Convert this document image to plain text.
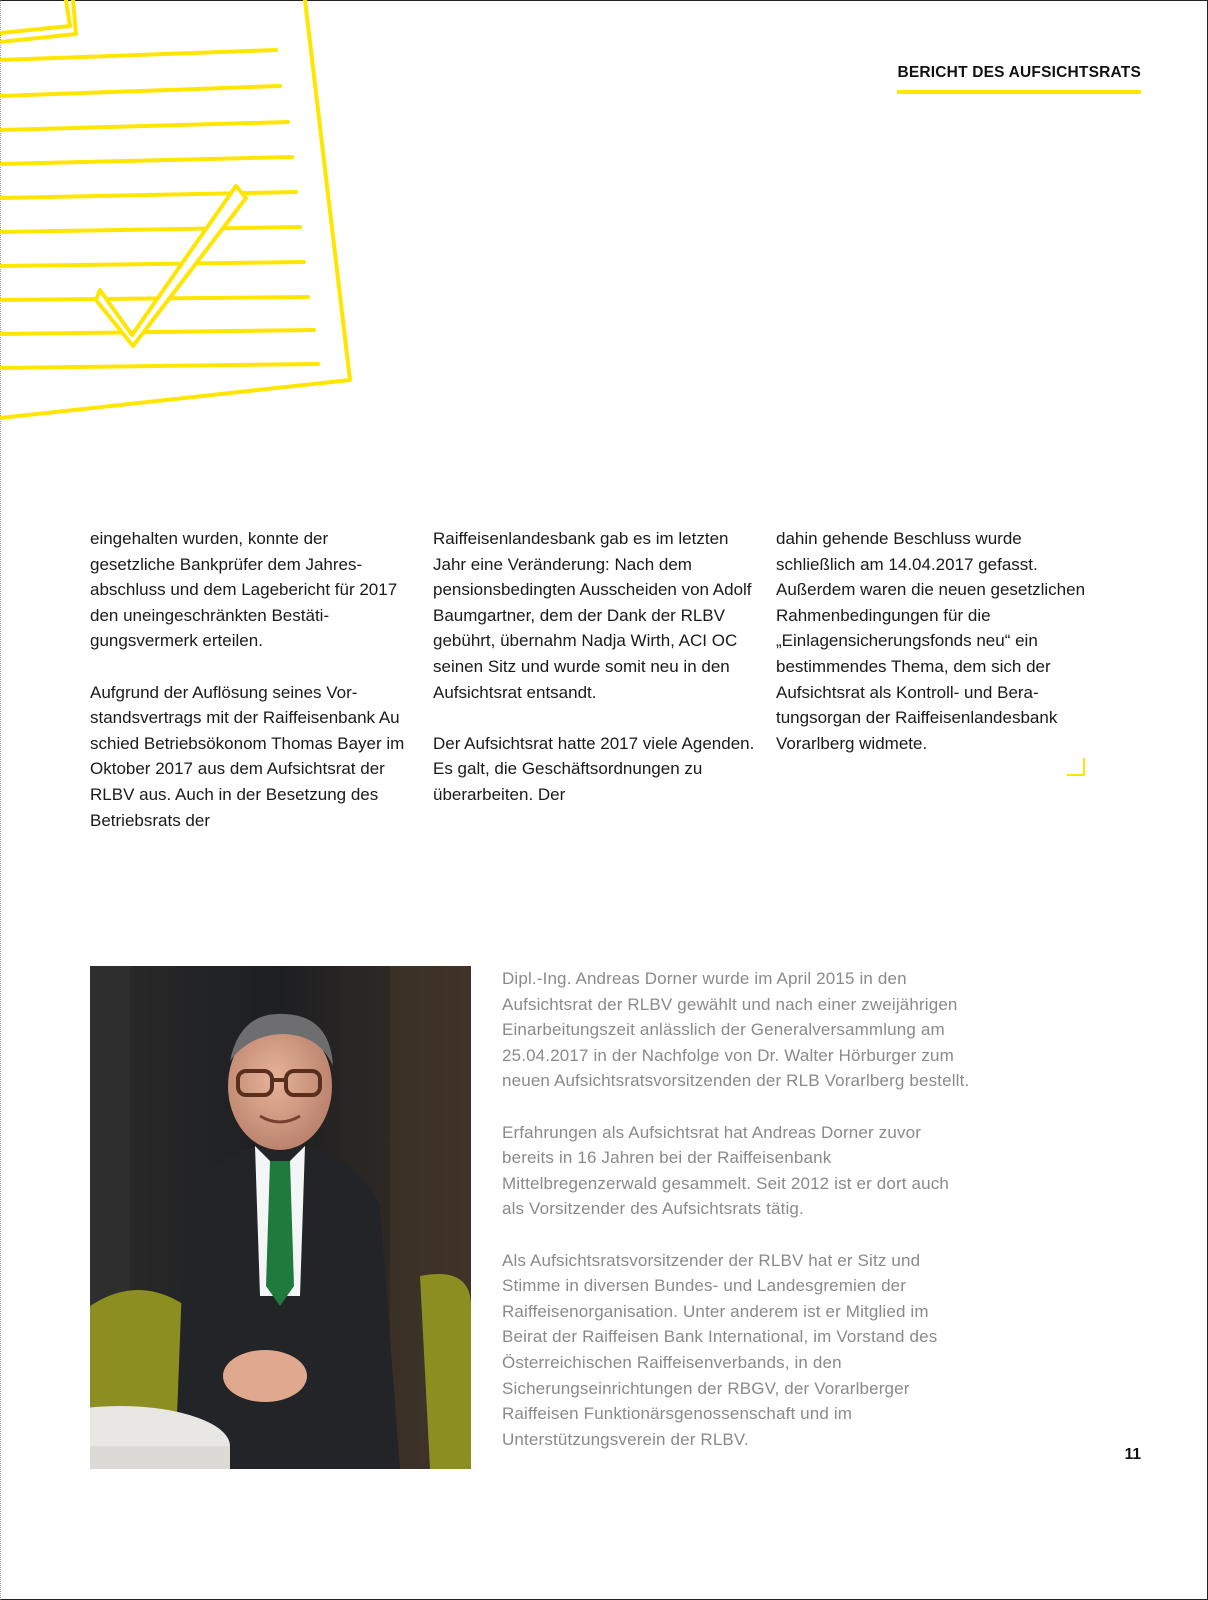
BERICHT DES AUFSICHTSRATS

eingehalten wurden, konnte der gesetzliche Bankprüfer dem Jahresabschluss und dem Lagebericht für 2017 den uneingeschränkten Bestätigungsvermerk erteilen.

Aufgrund der Auflösung seines Vorstandsvertrags mit der Raiffeisenbank Au schied Betriebsökonom Thomas Bayer im Oktober 2017 aus dem Aufsichtsrat der RLBV aus. Auch in der Besetzung des Betriebsrats der

Raiffeisenlandesbank gab es im letzten Jahr eine Veränderung: Nach dem pensionsbedingten Ausscheiden von Adolf Baumgartner, dem der Dank der RLBV gebührt, übernahm Nadja Wirth, ACI OC seinen Sitz und wurde somit neu in den Aufsichtsrat entsandt.

Der Aufsichtsrat hatte 2017 viele Agenden. Es galt, die Geschäftsordnungen zu überarbeiten. Der

dahin gehende Beschluss wurde schließlich am 14.04.2017 gefasst. Außerdem waren die neuen gesetzlichen Rahmenbedingungen für die „Einlagensicherungsfonds neu“ ein bestimmendes Thema, dem sich der Aufsichtsrat als Kontroll- und Beratungsorgan der Raiffeisenlandesbank Vorarlberg widmete.

Dipl.-Ing. Andreas Dorner wurde im April 2015 in den Aufsichtsrat der RLBV gewählt und nach einer zweijährigen Einarbeitungszeit anlässlich der Generalversammlung am 25.04.2017 in der Nachfolge von Dr. Walter Hörburger zum neuen Aufsichtsratsvorsitzenden der RLB Vorarlberg bestellt.

Erfahrungen als Aufsichtsrat hat Andreas Dorner zuvor bereits in 16 Jahren bei der Raiffeisenbank Mittelbregenzerwald gesammelt. Seit 2012 ist er dort auch als Vorsitzender des Aufsichtsrats tätig.

Als Aufsichtsratsvorsitzender der RLBV hat er Sitz und Stimme in diversen Bundes- und Landesgremien der Raiffeisenorganisation. Unter anderem ist er Mitglied im Beirat der Raiffeisen Bank International, im Vorstand des Österreichischen Raiffeisenverbands, in den Sicherungseinrichtungen der RBGV, der Vorarlberger Raiffeisen Funktionärsgenossenschaft und im Unterstützungsverein der RLBV.

11
